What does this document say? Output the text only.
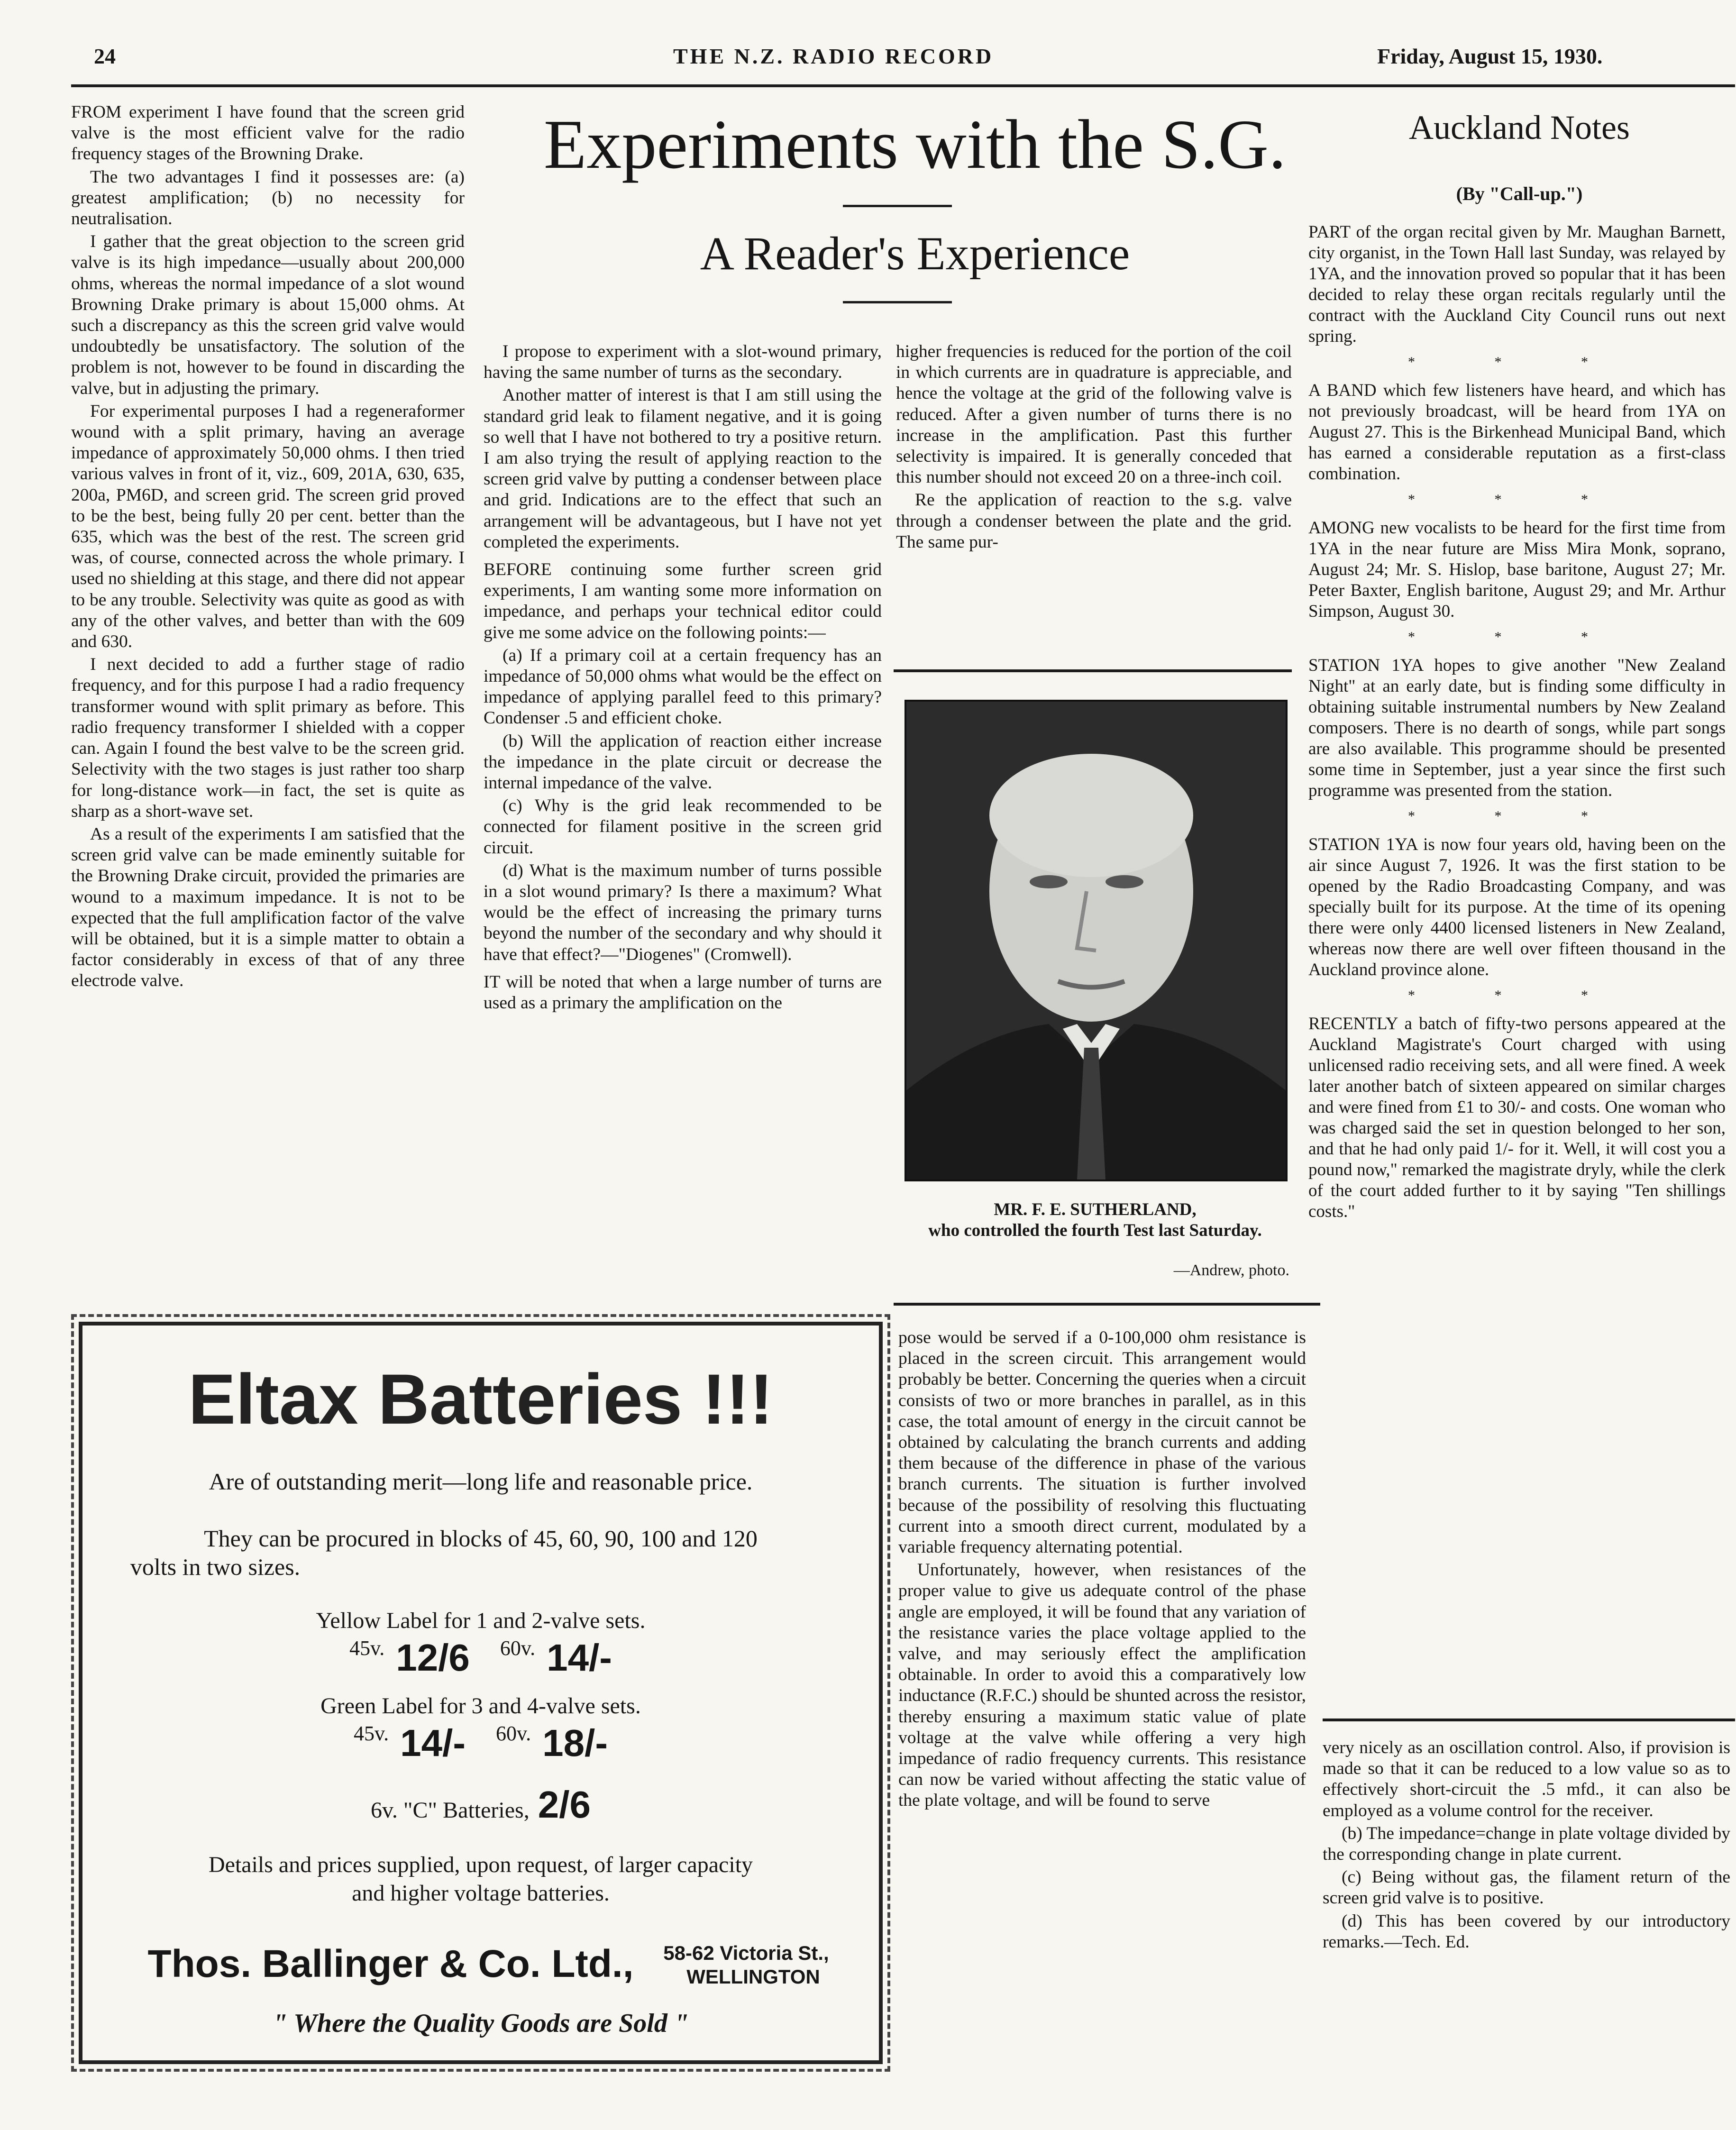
24	THE N.Z. RADIO RECORD	Friday, August 15, 1930.

FROM experiment I have found that the screen grid valve is the most efficient valve for the radio frequency stages of the Browning Drake.

The two advantages I find it possesses are: (a) greatest amplification; (b) no necessity for neutralisation.

I gather that the great objection to the screen grid valve is its high impedance—usually about 200,000 ohms, whereas the normal impedance of a slot wound Browning Drake primary is about 15,000 ohms. At such a discrepancy as this the screen grid valve would undoubtedly be unsatisfactory. The solution of the problem is not, however to be found in discarding the valve, but in adjusting the primary.

For experimental purposes I had a regeneraformer wound with a split primary, having an average impedance of approximately 50,000 ohms. I then tried various valves in front of it, viz., 609, 201A, 630, 635, 200a, PM6D, and screen grid. The screen grid proved to be the best, being fully 20 per cent. better than the 635, which was the best of the rest. The screen grid was, of course, connected across the whole primary. I used no shielding at this stage, and there did not appear to be any trouble. Selectivity was quite as good as with any of the other valves, and better than with the 609 and 630.

I next decided to add a further stage of radio frequency, and for this purpose I had a radio frequency transformer wound with split primary as before. This radio frequency transformer I shielded with a copper can. Again I found the best valve to be the screen grid. Selectivity with the two stages is just rather too sharp for long-distance work—in fact, the set is quite as sharp as a short-wave set.

As a result of the experiments I am satisfied that the screen grid valve can be made eminently suitable for the Browning Drake circuit, provided the primaries are wound to a maximum impedance. It is not to be expected that the full amplification factor of the valve will be obtained, but it is a simple matter to obtain a factor considerably in excess of that of any three electrode valve.

Experiments with the S.G.
A Reader's Experience

I propose to experiment with a slot-wound primary, having the same number of turns as the secondary.

Another matter of interest is that I am still using the standard grid leak to filament negative, and it is going so well that I have not bothered to try a positive return. I am also trying the result of applying reaction to the screen grid valve by putting a condenser between place and grid. Indications are to the effect that such an arrangement will be advantageous, but I have not yet completed the experiments.

BEFORE continuing some further screen grid experiments, I am wanting some more information on impedance, and perhaps your technical editor could give me some advice on the following points:—

(a) If a primary coil at a certain frequency has an impedance of 50,000 ohms what would be the effect on impedance of applying parallel feed to this primary? Condenser .5 and efficient choke.

(b) Will the application of reaction either increase the impedance in the plate circuit or decrease the internal impedance of the valve.

(c) Why is the grid leak recommended to be connected for filament positive in the screen grid circuit.

(d) What is the maximum number of turns possible in a slot wound primary? Is there a maximum? What would be the effect of increasing the primary turns beyond the number of the secondary and why should it have that effect?—"Diogenes" (Cromwell).

IT will be noted that when a large number of turns are used as a primary the amplification on the

higher frequencies is reduced for the portion of the coil in which currents are in quadrature is appreciable, and hence the voltage at the grid of the following valve is reduced. After a given number of turns there is no increase in the amplification. Past this further selectivity is impaired. It is generally conceded that this number should not exceed 20 on a three-inch coil.

Re the application of reaction to the s.g. valve through a condenser between the plate and the grid. The same pur-

MR. F. E. SUTHERLAND,
who controlled the fourth Test last Saturday.
—Andrew, photo.

pose would be served if a 0-100,000 ohm resistance is placed in the screen circuit. This arrangement would probably be better. Concerning the queries when a circuit consists of two or more branches in parallel, as in this case, the total amount of energy in the circuit cannot be obtained by calculating the branch currents and adding them because of the difference in phase of the various branch currents. The situation is further involved because of the possibility of resolving this fluctuating current into a smooth direct current, modulated by a variable frequency alternating potential.

Unfortunately, however, when resistances of the proper value to give us adequate control of the phase angle are employed, it will be found that any variation of the resistance varies the place voltage applied to the valve, and may seriously effect the amplification obtainable. In order to avoid this a comparatively low inductance (R.F.C.) should be shunted across the resistor, thereby ensuring a maximum static value of plate voltage at the valve while offering a very high impedance of radio frequency currents. This resistance can now be varied without affecting the static value of the plate voltage, and will be found to serve

Auckland Notes
(By "Call-up.")

PART of the organ recital given by Mr. Maughan Barnett, city organist, in the Town Hall last Sunday, was relayed by 1YA, and the innovation proved so popular that it has been decided to relay these organ recitals regularly until the contract with the Auckland City Council runs out next spring.

* * *

A BAND which few listeners have heard, and which has not previously broadcast, will be heard from 1YA on August 27. This is the Birkenhead Municipal Band, which has earned a considerable reputation as a first-class combination.

* * *

AMONG new vocalists to be heard for the first time from 1YA in the near future are Miss Mira Monk, soprano, August 24; Mr. S. Hislop, base baritone, August 27; Mr. Peter Baxter, English baritone, August 29; and Mr. Arthur Simpson, August 30.

* * *

STATION 1YA hopes to give another "New Zealand Night" at an early date, but is finding some difficulty in obtaining suitable instrumental numbers by New Zealand composers. There is no dearth of songs, while part songs are also available. This programme should be presented some time in September, just a year since the first such programme was presented from the station.

* * *

STATION 1YA is now four years old, having been on the air since August 7, 1926. It was the first station to be opened by the Radio Broadcasting Company, and was specially built for its purpose. At the time of its opening there were only 4400 licensed listeners in New Zealand, whereas now there are well over fifteen thousand in the Auckland province alone.

* * *

RECENTLY a batch of fifty-two persons appeared at the Auckland Magistrate's Court charged with using unlicensed radio receiving sets, and all were fined. A week later another batch of sixteen appeared on similar charges and were fined from £1 to 30/- and costs. One woman who was charged said the set in question belonged to her son, and that he had only paid 1/- for it. Well, it will cost you a pound now," remarked the magistrate dryly, while the clerk of the court added further to it by saying "Ten shillings costs."

very nicely as an oscillation control. Also, if provision is made so that it can be reduced to a low value so as to effectively short-circuit the .5 mfd., it can also be employed as a volume control for the receiver.

(b) The impedance=change in plate voltage divided by the corresponding change in plate current.

(c) Being without gas, the filament return of the screen grid valve is to positive.

(d) This has been covered by our introductory remarks.—Tech. Ed.

Eltax Batteries !!!
Are of outstanding merit—long life and reasonable price.
They can be procured in blocks of 45, 60, 90, 100 and 120
volts in two sizes.
Yellow Label for 1 and 2-valve sets.
45v. 12/6 60v. 14/-
Green Label for 3 and 4-valve sets.
45v. 14/- 60v. 18/-
6v. "C" Batteries, 2/6
Details and prices supplied, upon request, of larger capacity
and higher voltage batteries.
Thos. Ballinger & Co. Ltd.,	58-62 Victoria St.,
WELLINGTON
" Where the Quality Goods are Sold "
